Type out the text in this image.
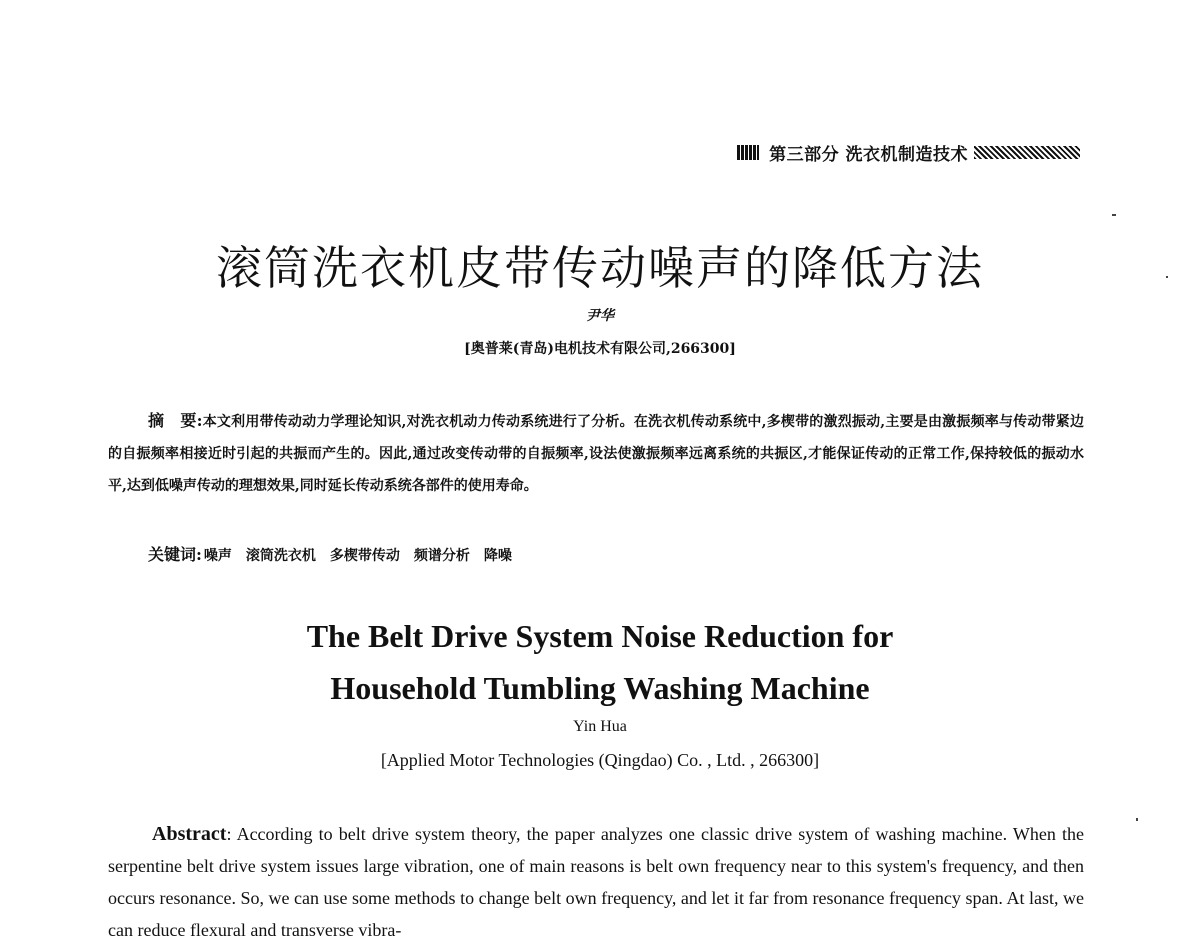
第三部分 洗衣机制造技术
滚筒洗衣机皮带传动噪声的降低方法
尹华
[奥普莱(青岛)电机技术有限公司,266300]
摘　要:本文利用带传动动力学理论知识,对洗衣机动力传动系统进行了分析。在洗衣机传动系统中,多楔带的激烈振动,主要是由激振频率与传动带紧边的自振频率相接近时引起的共振而产生的。因此,通过改变传动带的自振频率,设法使激振频率远离系统的共振区,才能保证传动的正常工作,保持较低的振动水平,达到低噪声传动的理想效果,同时延长传动系统各部件的使用寿命。
关键词: 噪声 滚筒洗衣机 多楔带传动 频谱分析 降噪
The Belt Drive System Noise Reduction for
Household Tumbling Washing Machine
Yin Hua
[Applied Motor Technologies (Qingdao) Co. , Ltd. , 266300]
Abstract: According to belt drive system theory, the paper analyzes one classic drive system of washing machine. When the serpentine belt drive system issues large vibration, one of main reasons is belt own frequency near to this system's frequency, and then occurs resonance. So, we can use some methods to change belt own frequency, and let it far from resonance frequency span. At last, we can reduce flexural and transverse vibra-
